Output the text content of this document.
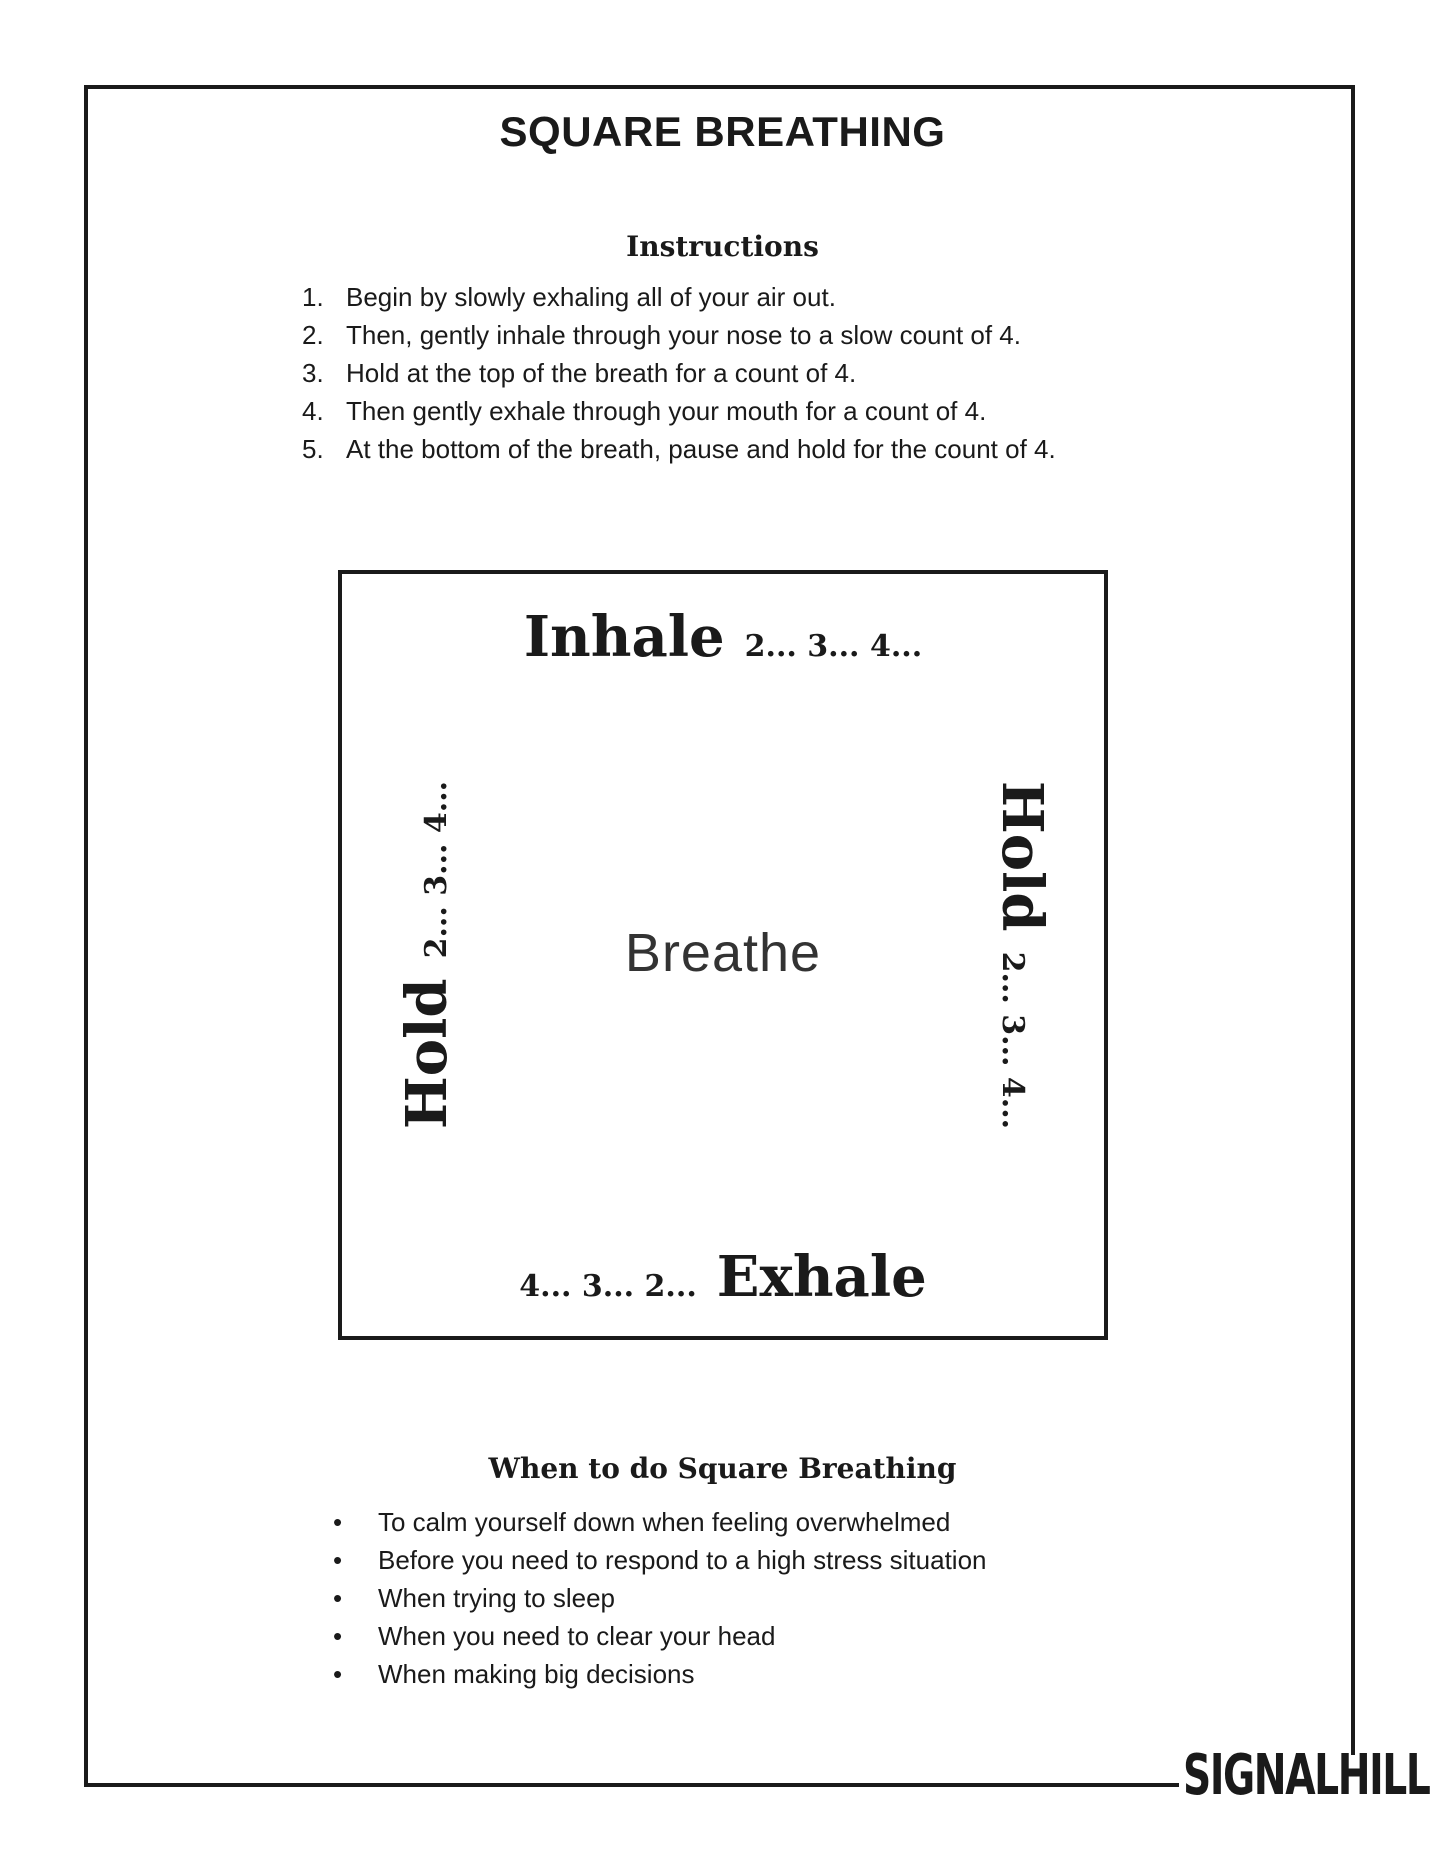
SQUARE BREATHING
Instructions
1. Begin by slowly exhaling all of your air out.
2. Then, gently inhale through your nose to a slow count of 4.
3. Hold at the top of the breath for a count of 4.
4. Then gently exhale through your mouth for a count of 4.
5. At the bottom of the breath, pause and hold for the count of 4.
Inhale 2... 3... 4...
Hold2... 3... 4...
4... 3... 2... Exhale
Hold2... 3... 4...	Breathe
When to do Square Breathing
•	To calm yourself down when feeling overwhelmed
•	Before you need to respond to a high stress situation
•	When trying to sleep
•	When you need to clear your head
•	When making big decisions
SIGNALHILL
